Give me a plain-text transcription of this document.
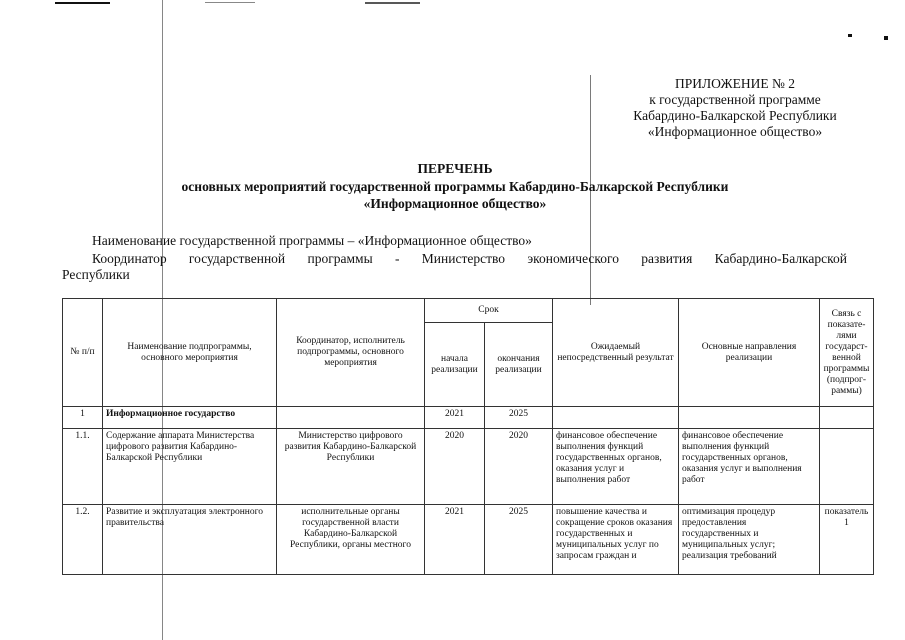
ПРИЛОЖЕНИЕ № 2
к государственной программе
Кабардино-Балкарской Республики
«Информационное общество»
ПЕРЕЧЕНЬ
основных мероприятий государственной программы Кабардино-Балкарской Республики
«Информационное общество»
Наименование государственной программы – «Информационное общество»
Координатор государственной программы - Министерство экономического развития Кабардино-Балкарской
Республики
№ п/п	Наименование подпрограммы, основного мероприятия	Координатор, исполнитель подпрограммы, основного мероприятия	Срок		Ожидаемый непосредственный результат	Основные направления реализации	Связь с показате-лями государст-венной программы (подпрог-раммы)
			начала реализации	окончания реализации			
1	Информационное государство		2021	2025			
1.1.	Содержание аппарата Министерства цифрового развития Кабардино-Балкарской Республики	Министерство цифрового развития Кабардино-Балкарской Республики	2020	2020	финансовое обеспечение выполнения функций государственных органов, оказания услуг и выполнения работ	финансовое обеспечение выполнения функций государственных органов, оказания услуг и выполнения работ	
1.2.	Развитие и эксплуатация электронного правительства	исполнительные органы государственной власти Кабардино-Балкарской Республики, органы местного	2021	2025	повышение качества и сокращение сроков оказания государственных и муниципальных услуг по запросам граждан и	оптимизация процедур предоставления государственных и муниципальных услуг; реализация требований	показатель 1
